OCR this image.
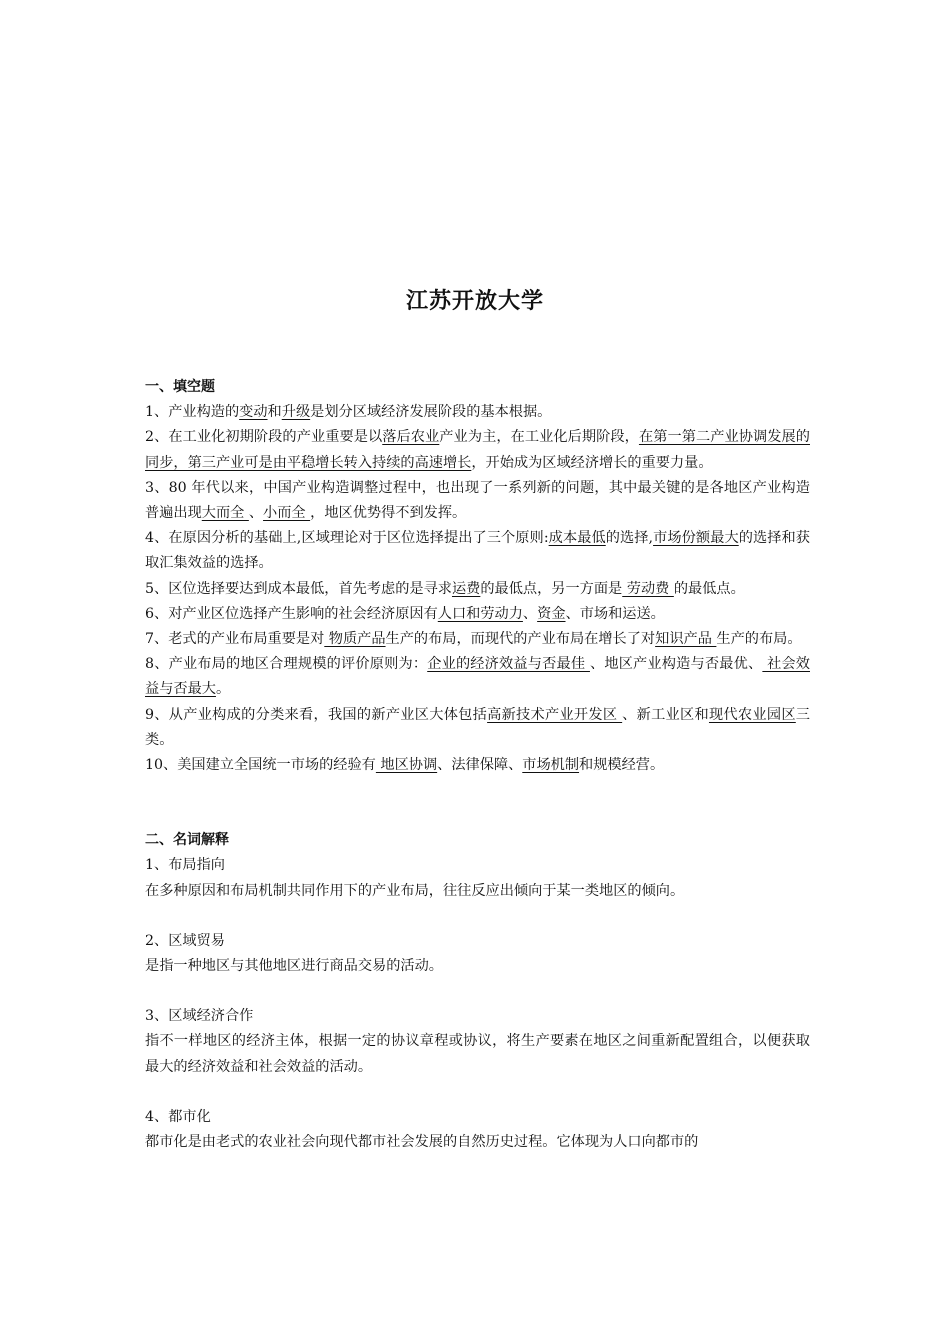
江苏开放大学

一、填空题

1、产业构造的变动和升级是划分区域经济发展阶段的基本根据。

2、在工业化初期阶段的产业重要是以落后农业产业为主，在工业化后期阶段，在第一第二产业协调发展的同步，第三产业可是由平稳增长转入持续的高速增长，开始成为区域经济增长的重要力量。

3、80 年代以来，中国产业构造调整过程中，也出现了一系列新的问题，其中最关键的是各地区产业构造普遍出现大而全 、小而全 ，地区优势得不到发挥。

4、在原因分析的基础上,区域理论对于区位选择提出了三个原则:成本最低的选择,市场份额最大的选择和获取汇集效益的选择。

5、区位选择要达到成本最低，首先考虑的是寻求运费的最低点，另一方面是 劳动费 的最低点。

6、对产业区位选择产生影响的社会经济原因有人口和劳动力、资金、市场和运送。

7、老式的产业布局重要是对 物质产品生产的布局，而现代的产业布局在增长了对知识产品 生产的布局。

8、产业布局的地区合理规模的评价原则为：企业的经济效益与否最佳 、地区产业构造与否最优、 社会效益与否最大。

9、从产业构成的分类来看，我国的新产业区大体包括高新技术产业开发区 、新工业区和现代农业园区三类。

10、美国建立全国统一市场的经验有 地区协调、法律保障、市场机制和规模经营。

二、名词解释

1、布局指向

在多种原因和布局机制共同作用下的产业布局，往往反应出倾向于某一类地区的倾向。

2、区域贸易

是指一种地区与其他地区进行商品交易的活动。

3、区域经济合作

指不一样地区的经济主体，根据一定的协议章程或协议，将生产要素在地区之间重新配置组合，以便获取最大的经济效益和社会效益的活动。

4、都市化

都市化是由老式的农业社会向现代都市社会发展的自然历史过程。它体现为人口向都市的
